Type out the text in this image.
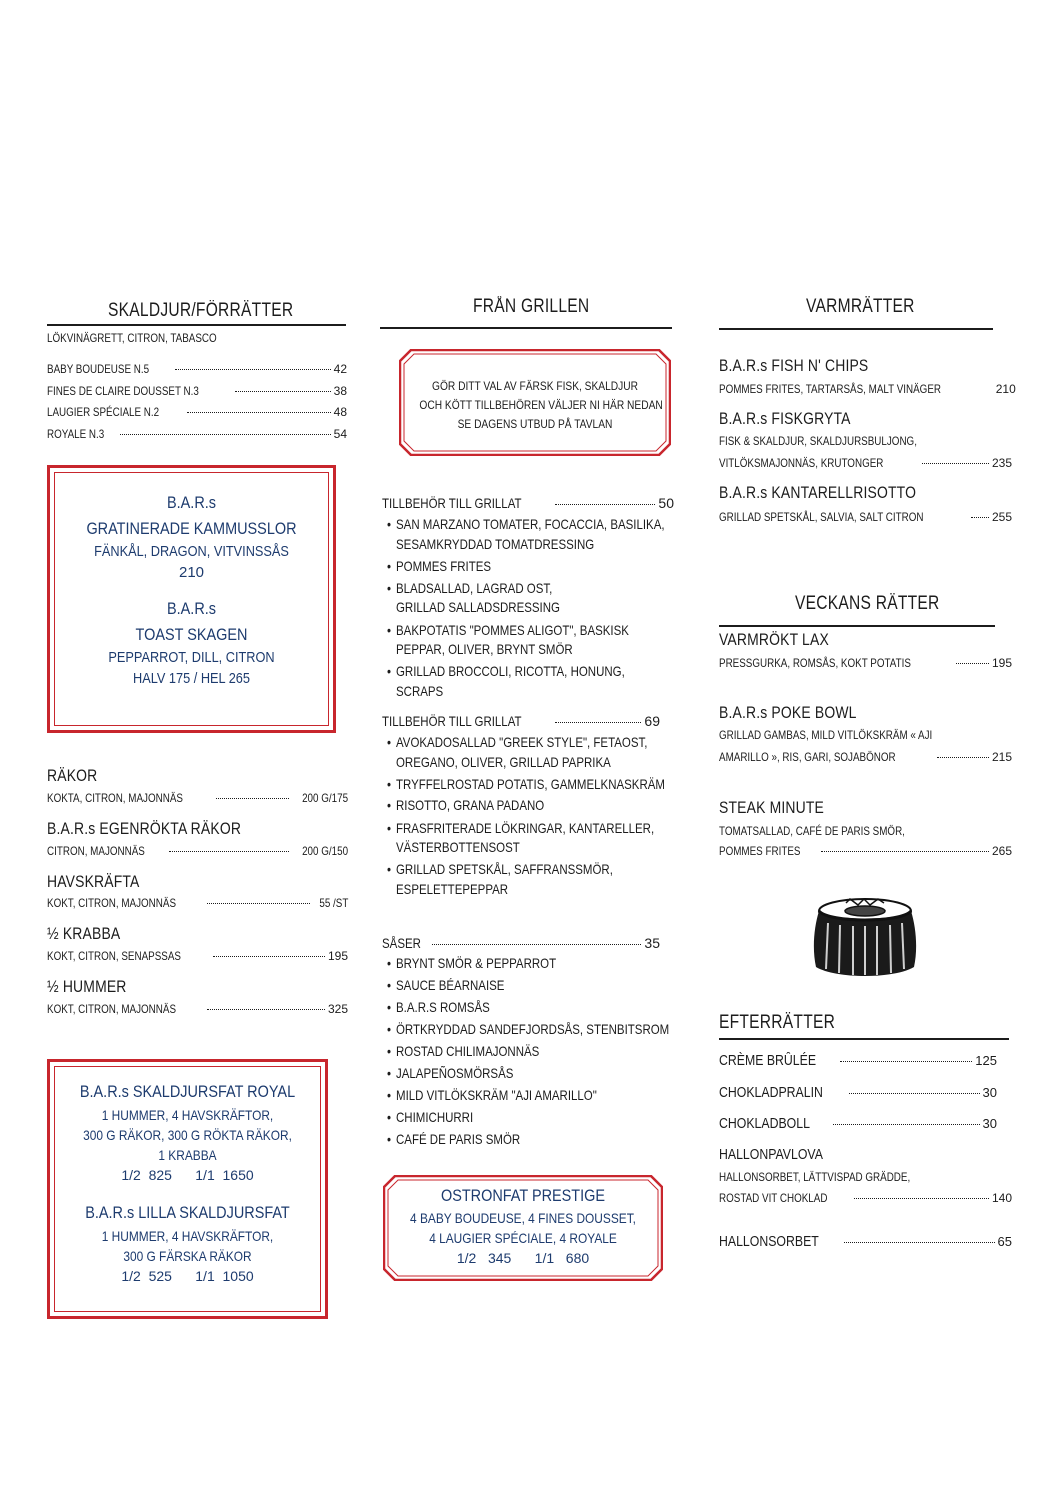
SKALDJUR/FÖRRÄTTER
LÖKVINÄGRETT, CITRON, TABASCO
BABY BOUDEUSE N.5	42
FINES DE CLAIRE DOUSSET N.3	38
LAUGIER SPÉCIALE N.2	48
ROYALE N.3	54
B.A.R.s
GRATINERADE KAMMUSSLOR
FÄNKÅL, DRAGON, VITVINSSÅS
210
B.A.R.s
TOAST SKAGEN
PEPPARROT, DILL, CITRON
HALV 175 / HEL 265
RÄKOR
KOKTA, CITRON, MAJONNÄS	200 G/175
B.A.R.s EGENRÖKTA RÄKOR
CITRON, MAJONNÄS	200 G/150
HAVSKRÄFTA
KOKT, CITRON, MAJONNÄS	55 /ST
½ KRABBA
KOKT, CITRON, SENAPSSAS	195
½ HUMMER
KOKT, CITRON, MAJONNÄS	325
B.A.R.s SKALDJURSFAT ROYAL
1 HUMMER, 4 HAVSKRÄFTOR,
300 G RÄKOR, 300 G RÖKTA RÄKOR,
1 KRABBA
1/2  825      1/1  1650
B.A.R.s LILLA SKALDJURSFAT
1 HUMMER, 4 HAVSKRÄFTOR,
300 G FÄRSKA RÄKOR
1/2  525      1/1  1050
FRÅN GRILLEN
GÖR DITT VAL AV FÄRSK FISK, SKALDJUR
OCH KÖTT TILLBEHÖREN VÄLJER NI HÄR NEDAN
SE DAGENS UTBUD PÅ TAVLAN
TILLBEHÖR TILL GRILLAT	50
• SAN MARZANO TOMATER, FOCACCIA, BASILIKA,
SESAMKRYDDAD TOMATDRESSING
• POMMES FRITES
• BLADSALLAD, LAGRAD OST,
GRILLAD SALLADSDRESSING
• BAKPOTATIS "POMMES ALIGOT", BASKISK
PEPPAR, OLIVER, BRYNT SMÖR
• GRILLAD BROCCOLI, RICOTTA, HONUNG,
SCRAPS
TILLBEHÖR TILL GRILLAT	69
• AVOKADOSALLAD "GREEK STYLE", FETAOST,
OREGANO, OLIVER, GRILLAD PAPRIKA
• TRYFFELROSTAD POTATIS, GAMMELKNASKRÄM
• RISOTTO, GRANA PADANO
• FRASFRITERADE LÖKRINGAR, KANTARELLER,
VÄSTERBOTTENSOST
• GRILLAD SPETSKÅL, SAFFRANSSMÖR,
ESPELETTEPEPPAR
SÅSER	35
• BRYNT SMÖR & PEPPARROT
• SAUCE BÉARNAISE
• B.A.R.S ROMSÅS
• ÖRTKRYDDAD SANDEFJORDSÅS, STENBITSROM
• ROSTAD CHILIMAJONNÄS
• JALAPEÑOSMÖRSÅS
• MILD VITLÖKSKRÄM "AJI AMARILLO"
• CHIMICHURRI
• CAFÉ DE PARIS SMÖR
OSTRONFAT PRESTIGE
4 BABY BOUDEUSE, 4 FINES DOUSSET,
4 LAUGIER SPÉCIALE, 4 ROYALE
1/2   345      1/1   680
VARMRÄTTER
B.A.R.s FISH N' CHIPS
POMMES FRITES, TARTARSÅS, MALT VINÄGER	210
B.A.R.s FISKGRYTA
FISK & SKALDJUR, SKALDJURSBULJONG,
VITLÖKSMAJONNÄS, KRUTONGER	235
B.A.R.s KANTARELLRISOTTO
GRILLAD SPETSKÅL, SALVIA, SALT CITRON	255
VECKANS RÄTTER
VARMRÖKT LAX
PRESSGURKA, ROMSÅS, KOKT POTATIS	195
B.A.R.s POKE BOWL
GRILLAD GAMBAS, MILD VITLÖKSKRÄM « AJI
AMARILLO », RIS, GARI, SOJABÖNOR	215
STEAK MINUTE
TOMATSALLAD, CAFÉ DE PARIS SMÖR,
POMMES FRITES	265
EFTERRÄTTER
CRÈME BRÛLÉE	125
CHOKLADPRALIN	30
CHOKLADBOLL	30
HALLONPAVLOVA
HALLONSORBET, LÄTTVISPAD GRÄDDE,
ROSTAD VIT CHOKLAD	140
HALLONSORBET	65
